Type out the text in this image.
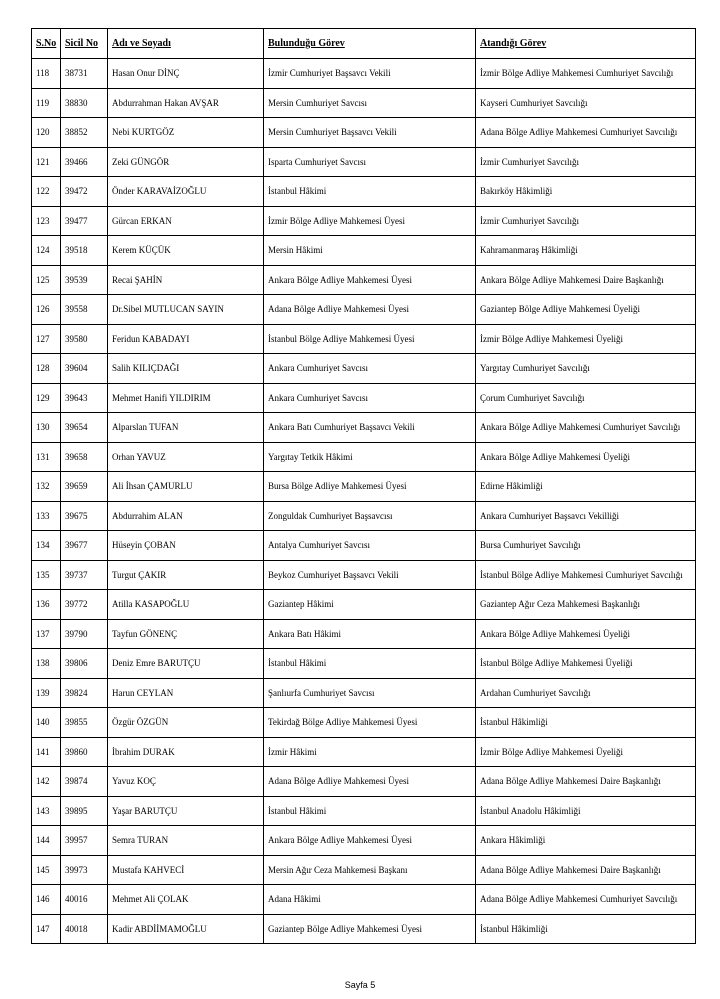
S.No	Sicil No	Adı ve Soyadı	Bulunduğu Görev	Atandığı Görev
118	38731	Hasan Onur DİNÇ	İzmir Cumhuriyet Başsavcı Vekili	İzmir Bölge Adliye Mahkemesi Cumhuriyet Savcılığı
119	38830	Abdurrahman Hakan AVŞAR	Mersin Cumhuriyet Savcısı	Kayseri Cumhuriyet Savcılığı
120	38852	Nebi KURTGÖZ	Mersin Cumhuriyet Başsavcı Vekili	Adana Bölge Adliye Mahkemesi Cumhuriyet Savcılığı
121	39466	Zeki GÜNGÖR	Isparta Cumhuriyet Savcısı	İzmir Cumhuriyet Savcılığı
122	39472	Önder KARAVAİZOĞLU	İstanbul Hâkimi	Bakırköy Hâkimliği
123	39477	Gürcan ERKAN	İzmir Bölge Adliye Mahkemesi Üyesi	İzmir Cumhuriyet Savcılığı
124	39518	Kerem KÜÇÜK	Mersin Hâkimi	Kahramanmaraş Hâkimliği
125	39539	Recai ŞAHİN	Ankara Bölge Adliye Mahkemesi Üyesi	Ankara Bölge Adliye Mahkemesi Daire Başkanlığı
126	39558	Dr.Sibel MUTLUCAN SAYIN	Adana Bölge Adliye Mahkemesi Üyesi	Gaziantep Bölge Adliye Mahkemesi Üyeliği
127	39580	Feridun KABADAYI	İstanbul Bölge Adliye Mahkemesi Üyesi	İzmir Bölge Adliye Mahkemesi Üyeliği
128	39604	Salih KILIÇDAĞI	Ankara Cumhuriyet Savcısı	Yargıtay Cumhuriyet Savcılığı
129	39643	Mehmet Hanifi YILDIRIM	Ankara Cumhuriyet Savcısı	Çorum Cumhuriyet Savcılığı
130	39654	Alparslan TUFAN	Ankara Batı Cumhuriyet Başsavcı Vekili	Ankara Bölge Adliye Mahkemesi Cumhuriyet Savcılığı
131	39658	Orhan YAVUZ	Yargıtay Tetkik Hâkimi	Ankara Bölge Adliye Mahkemesi Üyeliği
132	39659	Ali İhsan ÇAMURLU	Bursa Bölge Adliye Mahkemesi Üyesi	Edirne Hâkimliği
133	39675	Abdurrahim ALAN	Zonguldak Cumhuriyet Başsavcısı	Ankara Cumhuriyet Başsavcı Vekilliği
134	39677	Hüseyin ÇOBAN	Antalya Cumhuriyet Savcısı	Bursa Cumhuriyet Savcılığı
135	39737	Turgut ÇAKIR	Beykoz Cumhuriyet Başsavcı Vekili	İstanbul Bölge Adliye Mahkemesi Cumhuriyet Savcılığı
136	39772	Atilla KASAPOĞLU	Gaziantep Hâkimi	Gaziantep Ağır Ceza Mahkemesi Başkanlığı
137	39790	Tayfun GÖNENÇ	Ankara Batı Hâkimi	Ankara Bölge Adliye Mahkemesi Üyeliği
138	39806	Deniz Emre BARUTÇU	İstanbul Hâkimi	İstanbul Bölge Adliye Mahkemesi Üyeliği
139	39824	Harun CEYLAN	Şanlıurfa Cumhuriyet Savcısı	Ardahan Cumhuriyet Savcılığı
140	39855	Özgür ÖZGÜN	Tekirdağ Bölge Adliye Mahkemesi Üyesi	İstanbul Hâkimliği
141	39860	İbrahim DURAK	İzmir Hâkimi	İzmir Bölge Adliye Mahkemesi Üyeliği
142	39874	Yavuz KOÇ	Adana Bölge Adliye Mahkemesi Üyesi	Adana Bölge Adliye Mahkemesi Daire Başkanlığı
143	39895	Yaşar BARUTÇU	İstanbul Hâkimi	İstanbul Anadolu Hâkimliği
144	39957	Semra TURAN	Ankara Bölge Adliye Mahkemesi Üyesi	Ankara Hâkimliği
145	39973	Mustafa KAHVECİ	Mersin Ağır Ceza Mahkemesi Başkanı	Adana Bölge Adliye Mahkemesi Daire Başkanlığı
146	40016	Mehmet Ali ÇOLAK	Adana Hâkimi	Adana Bölge Adliye Mahkemesi Cumhuriyet Savcılığı
147	40018	Kadir ABDİİMAMOĞLU	Gaziantep Bölge Adliye Mahkemesi Üyesi	İstanbul Hâkimliği
Sayfa 5
